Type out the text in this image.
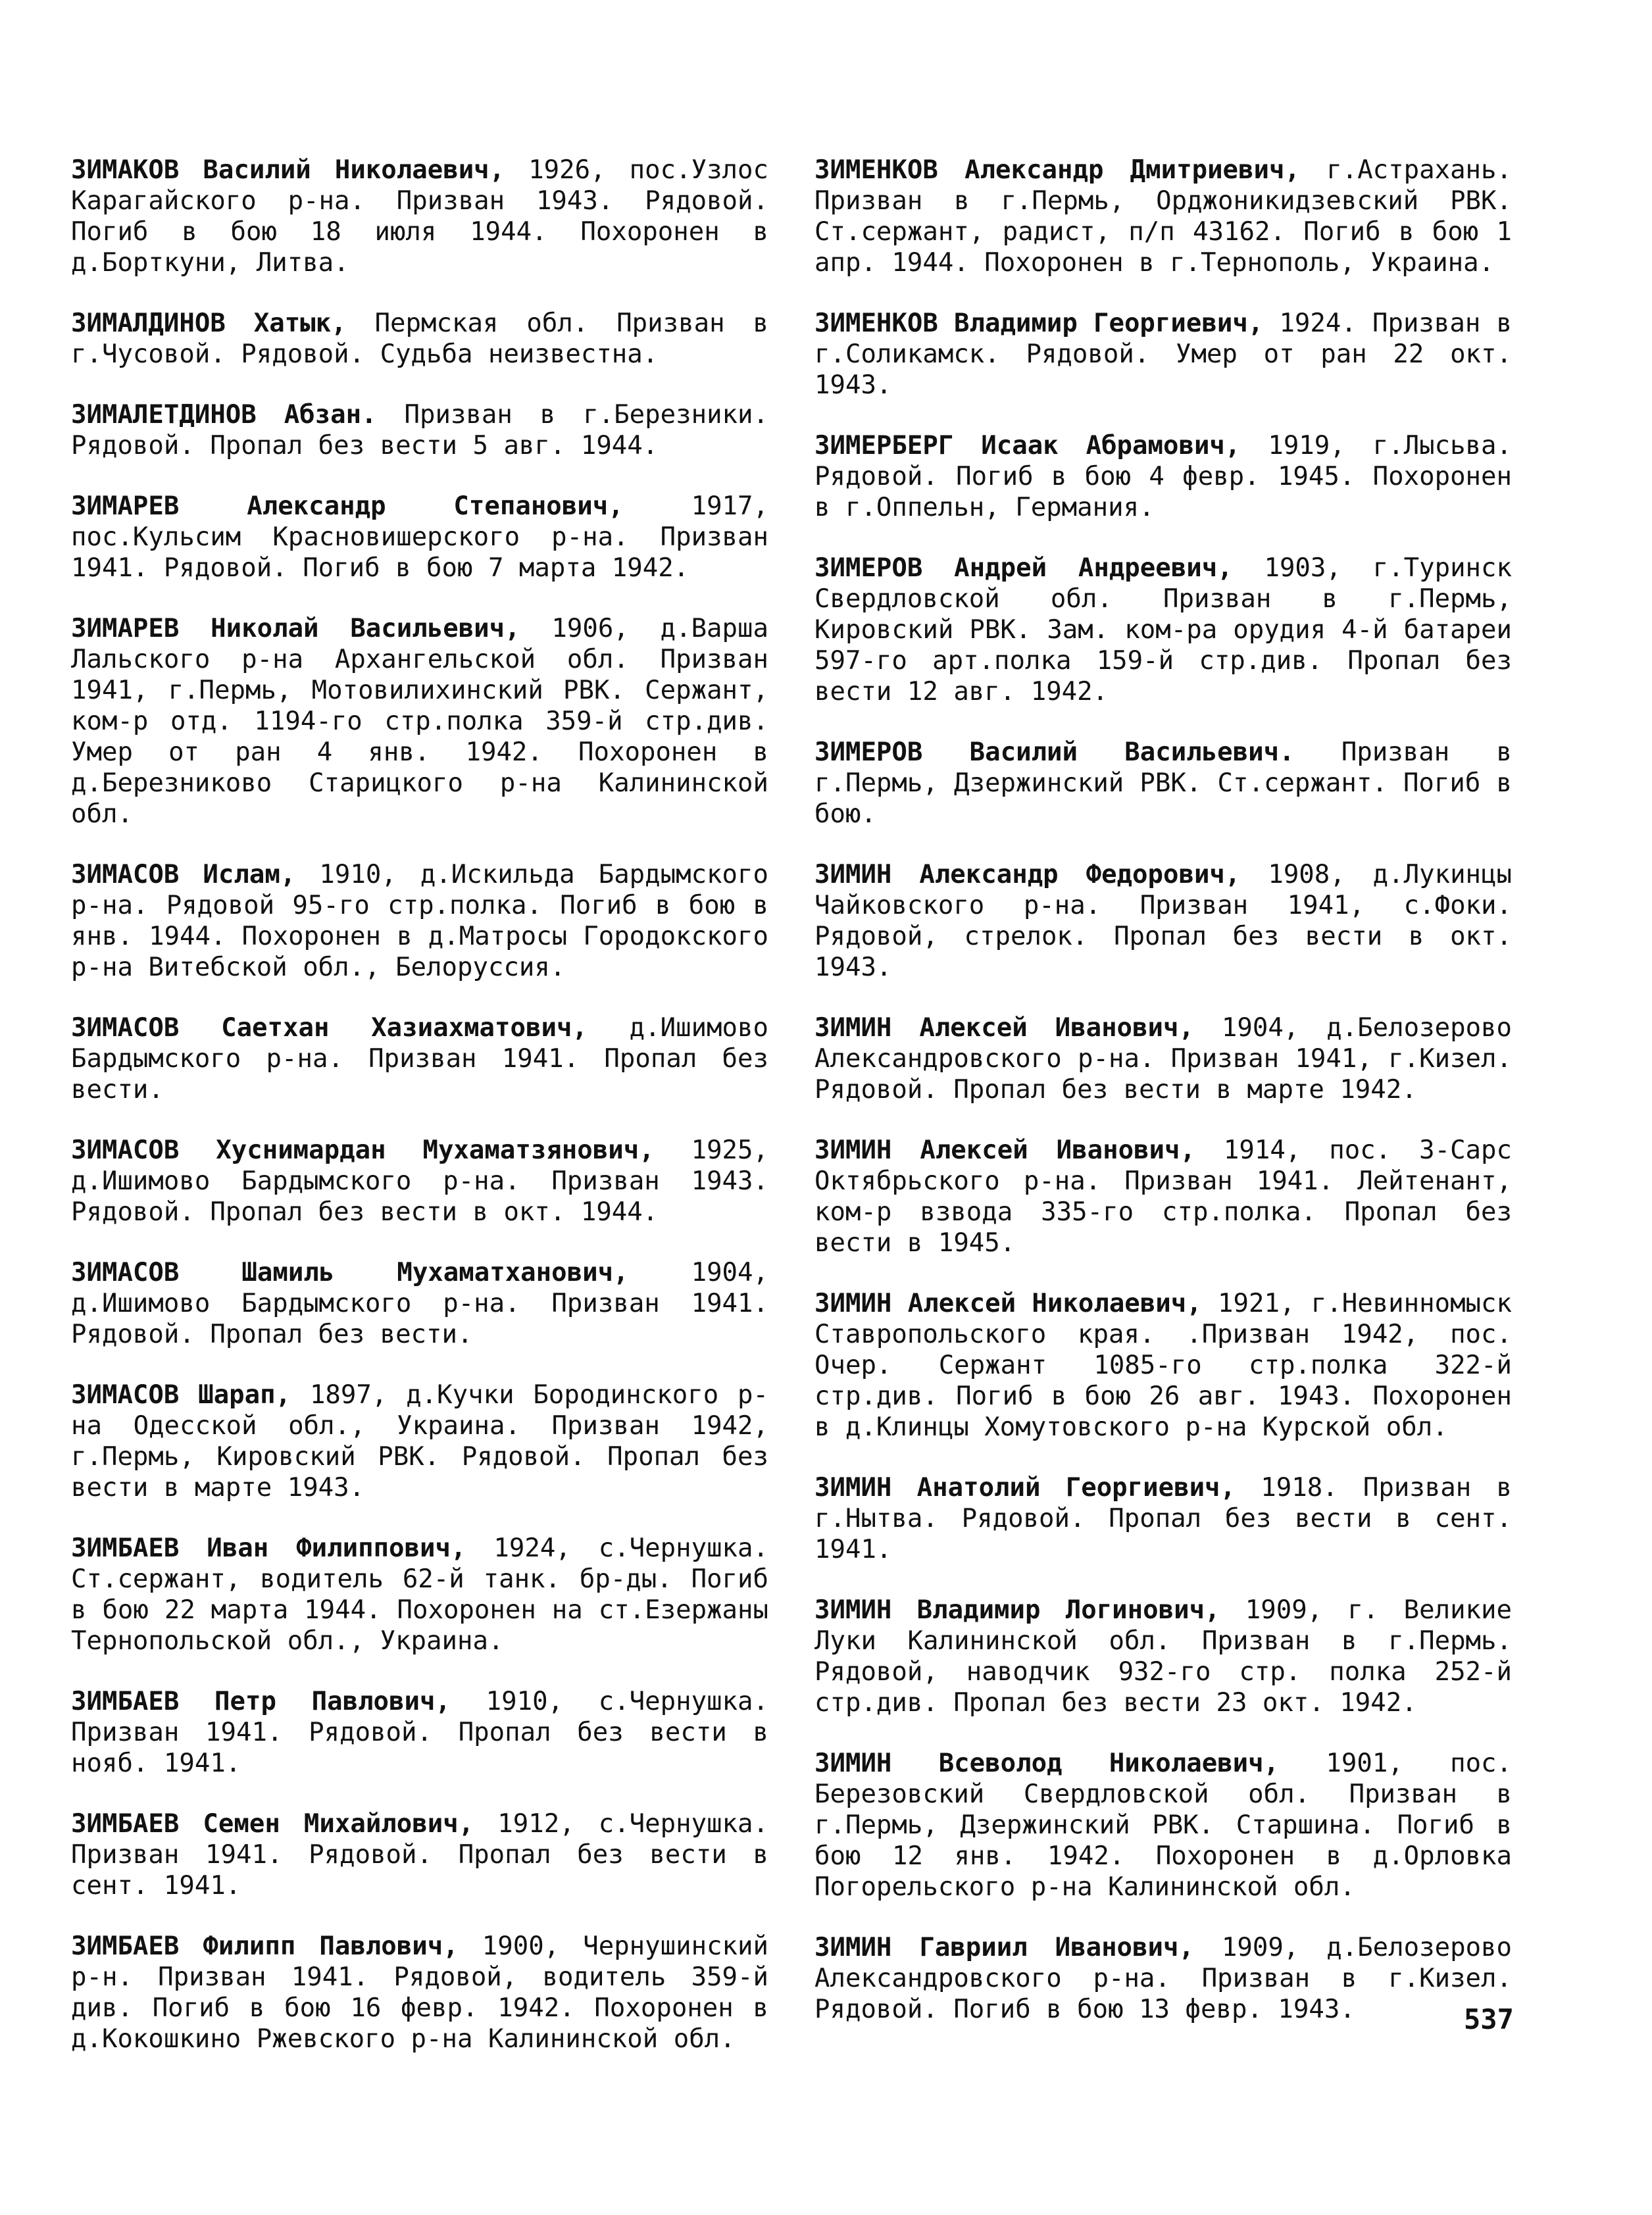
ЗИМАКОВ Василий Николаевич, 1926, пос.Узлос Карагайского р-на. Призван 1943. Рядовой. Погиб в бою 18 июля 1944. Похоронен в д.Борткуни, Литва.

ЗИМАЛДИНОВ Хатык, Пермская обл. Призван в г.Чусовой. Рядовой. Судьба неизвестна.

ЗИМАЛЕТДИНОВ Абзан. Призван в г.Березники. Рядовой. Пропал без вести 5 авг. 1944.

ЗИМАРЕВ Александр Степанович, 1917, пос.Кульсим Красновишерского р-на. Призван 1941. Рядовой. Погиб в бою 7 марта 1942.

ЗИМАРЕВ Николай Васильевич, 1906, д.Варша Лальского р-на Архангельской обл. Призван 1941, г.Пермь, Мотовилихинский РВК. Сержант, ком-р отд. 1194-го стр.полка 359-й стр.див. Умер от ран 4 янв. 1942. Похоронен в д.Березниково Старицкого р-на Калининской обл.

ЗИМАСОВ Ислам, 1910, д.Искильда Бардымского р-на. Рядовой 95-го стр.полка. Погиб в бою в янв. 1944. Похоронен в д.Матросы Городокского р-на Витебской обл., Белоруссия.

ЗИМАСОВ Саетхан Хазиахматович, д.Ишимово Бардымского р-на. Призван 1941. Пропал без вести.

ЗИМАСОВ Хуснимардан Мухаматзянович, 1925, д.Ишимово Бардымского р-на. Призван 1943. Рядовой. Пропал без вести в окт. 1944.

ЗИМАСОВ Шамиль Мухаматханович, 1904, д.Ишимово Бардымского р-на. Призван 1941. Рядовой. Пропал без вести.

ЗИМАСОВ Шарап, 1897, д.Кучки Бородинского р-на Одесской обл., Украина. Призван 1942, г.Пермь, Кировский РВК. Рядовой. Пропал без вести в марте 1943.

ЗИМБАЕВ Иван Филиппович, 1924, с.Чернушка. Ст.сержант, водитель 62-й танк. бр-ды. Погиб в бою 22 марта 1944. Похоронен на ст.Езержаны Тернопольской обл., Украина.

ЗИМБАЕВ Петр Павлович, 1910, с.Чернушка. Призван 1941. Рядовой. Пропал без вести в нояб. 1941.

ЗИМБАЕВ Семен Михайлович, 1912, с.Чернушка. Призван 1941. Рядовой. Пропал без вести в сент. 1941.

ЗИМБАЕВ Филипп Павлович, 1900, Чернушинский р-н. Призван 1941. Рядовой, водитель 359-й див. Погиб в бою 16 февр. 1942. Похоронен в д.Кокошкино Ржевского р-на Калининской обл.

ЗИМЕНКОВ Александр Дмитриевич, г.Астрахань. Призван в г.Пермь, Орджоникидзевский РВК. Ст.сержант, радист, п/п 43162. Погиб в бою 1 апр. 1944. Похоронен в г.Тернополь, Украина.

ЗИМЕНКОВ Владимир Георгиевич, 1924. Призван в г.Соликамск. Рядовой. Умер от ран 22 окт. 1943.

ЗИМЕРБЕРГ Исаак Абрамович, 1919, г.Лысьва. Рядовой. Погиб в бою 4 февр. 1945. Похоронен в г.Оппельн, Германия.

ЗИМЕРОВ Андрей Андреевич, 1903, г.Туринск Свердловской обл. Призван в г.Пермь, Кировский РВК. Зам. ком-ра орудия 4-й батареи 597-го арт.полка 159-й стр.див. Пропал без вести 12 авг. 1942.

ЗИМЕРОВ Василий Васильевич. Призван в г.Пермь, Дзержинский РВК. Ст.сержант. Погиб в бою.

ЗИМИН Александр Федорович, 1908, д.Лукинцы Чайковского р-на. Призван 1941, с.Фоки. Рядовой, стрелок. Пропал без вести в окт. 1943.

ЗИМИН Алексей Иванович, 1904, д.Белозерово Александровского р-на. Призван 1941, г.Кизел. Рядовой. Пропал без вести в марте 1942.

ЗИМИН Алексей Иванович, 1914, пос. 3-Сарс Октябрьского р-на. Призван 1941. Лейтенант, ком-р взвода 335-го стр.полка. Пропал без вести в 1945.

ЗИМИН Алексей Николаевич, 1921, г.Невинномыск Ставропольского края. .Призван 1942, пос. Очер. Сержант 1085-го стр.полка 322-й стр.див. Погиб в бою 26 авг. 1943. Похоронен в д.Клинцы Хомутовского р-на Курской обл.

ЗИМИН Анатолий Георгиевич, 1918. Призван в г.Нытва. Рядовой. Пропал без вести в сент. 1941.

ЗИМИН Владимир Логинович, 1909, г. Великие Луки Калининской обл. Призван в г.Пермь. Рядовой, наводчик 932-го стр. полка 252-й стр.див. Пропал без вести 23 окт. 1942.

ЗИМИН Всеволод Николаевич, 1901, пос. Березовский Свердловской обл. Призван в г.Пермь, Дзержинский РВК. Старшина. Погиб в бою 12 янв. 1942. Похоронен в д.Орловка Погорельского р-на Калининской обл.

ЗИМИН Гавриил Иванович, 1909, д.Белозерово Александровского р-на. Призван в г.Кизел. Рядовой. Погиб в бою 13 февр. 1943.	537
